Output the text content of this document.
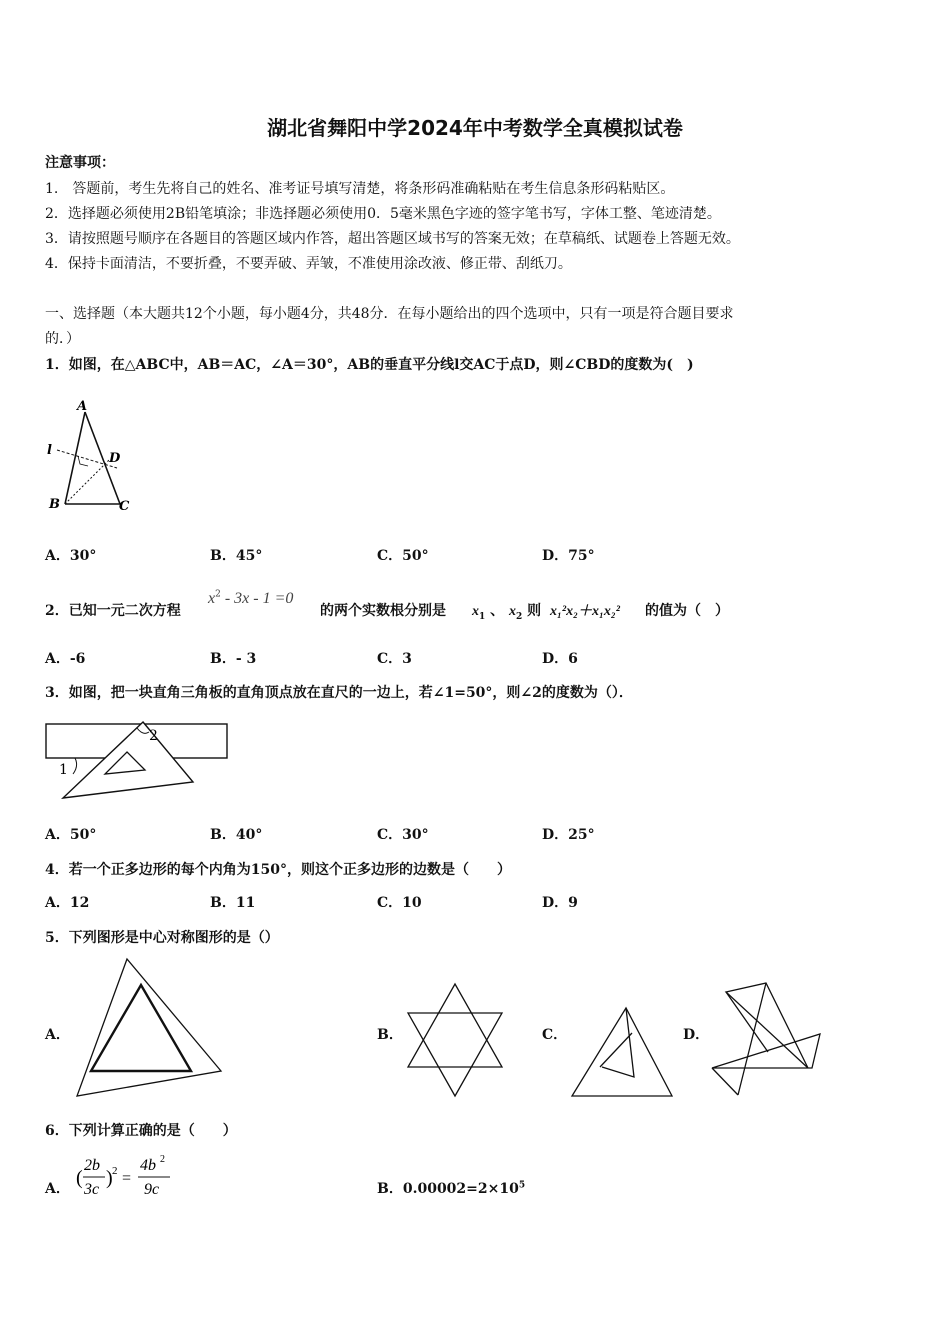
湖北省舞阳中学2024年中考数学全真模拟试卷
注意事项：
1.　答题前，考生先将自己的姓名、准考证号填写清楚，将条形码准确粘贴在考生信息条形码粘贴区。
2．选择题必须使用2B铅笔填涂；非选择题必须使用0．5毫米黑色字迹的签字笔书写，字体工整、笔迹清楚。
3．请按照题号顺序在各题目的答题区域内作答，超出答题区域书写的答案无效；在草稿纸、试题卷上答题无效。
4．保持卡面清洁，不要折叠，不要弄破、弄皱，不准使用涂改液、修正带、刮纸刀。
一、选择题（本大题共12个小题，每小题4分，共48分．在每小题给出的四个选项中，只有一项是符合题目要求
的．）
1．如图，在△ABC中，AB＝AC，∠A＝30°，AB的垂直平分线l交AC于点D，则∠CBD的度数为(　)
A
l
D
B	C
A．30°	B．45°	C．50°	D．75°
2．已知一元二次方程
$x^2 - 3x - 1 =0$
的两个实数根分别是 $x_1$ 、 $x_2$ 则 x₁²x₂＋x₁x₂² 的值为（　）
A．-6	B．- 3	C．3	D．6
3．如图，把一块直角三角板的直角顶点放在直尺的一边上，若∠1=50°，则∠2的度数为（）．
2
1
A．50°	B．40°	C．30°	D．25°
4．若一个正多边形的每个内角为150°，则这个正多边形的边数是（　　）
A．12	B．11	C．10	D．9
5．下列图形是中心对称图形的是（）
A．	B．	C．	D．
6．下列计算正确的是（　　）
A． (
2b
3c
) 2 =
4b 2
9c	B．$0.00002=2\times 10^5$
